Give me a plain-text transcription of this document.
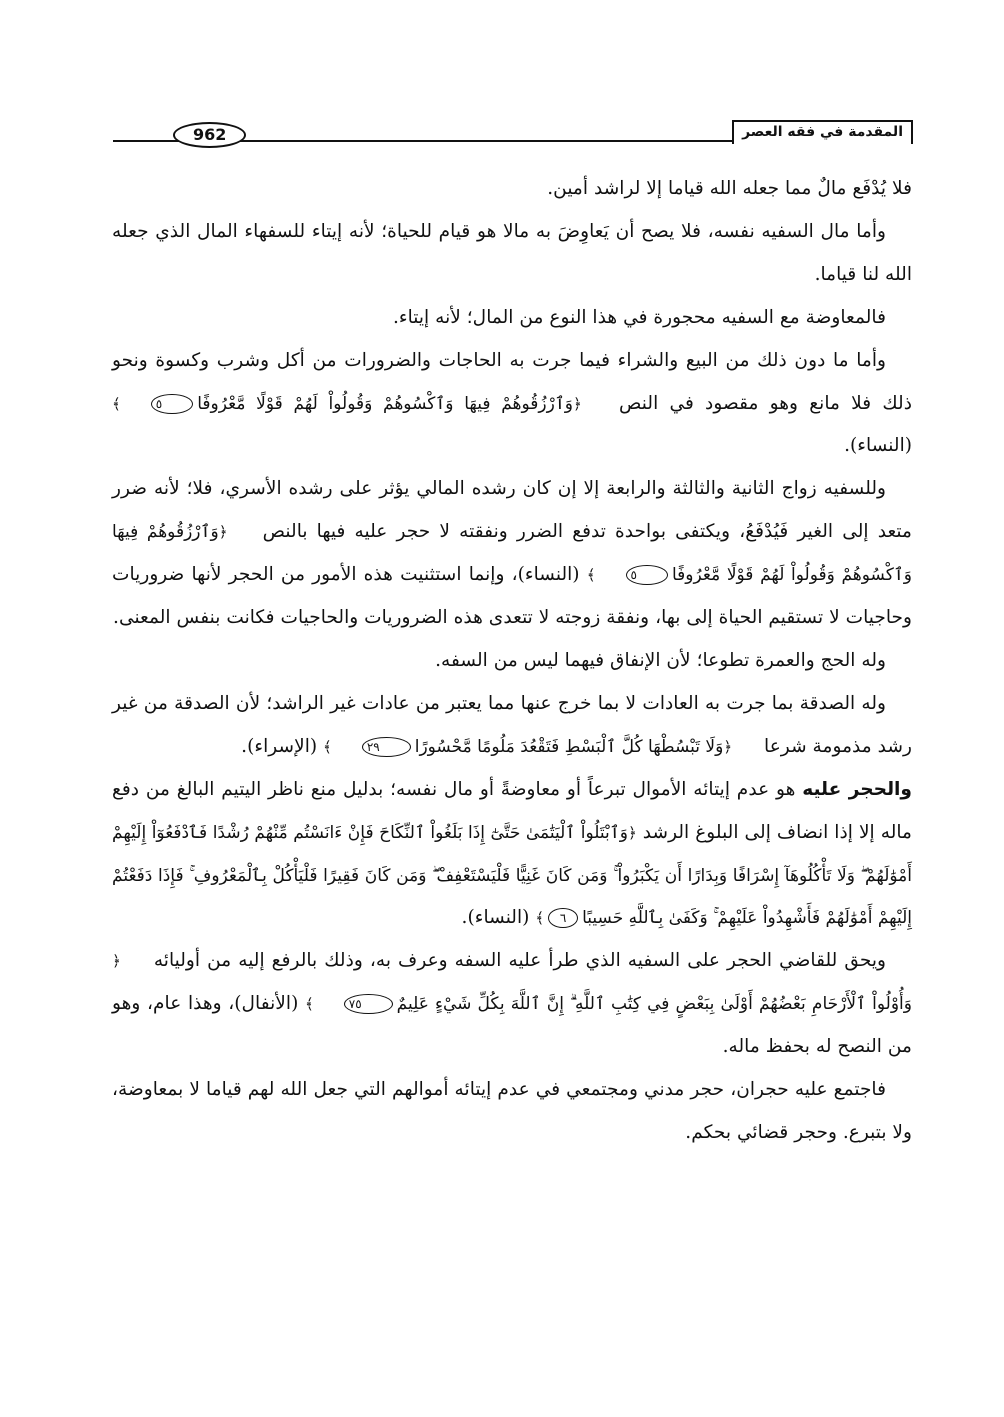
المقدمة في فقه العصر
962

فلا يُدْفَع مالٌ مما جعله الله قياما إلا لراشد أمين.

وأما مال السفيه نفسه، فلا يصح أن يَعاوِضَ به مالا هو قيام للحياة؛ لأنه إيتاء للسفهاء المال الذي جعله الله لنا قياما.

فالمعاوضة مع السفيه محجورة في هذا النوع من المال؛ لأنه إيتاء.

وأما ما دون ذلك من البيع والشراء فيما جرت به الحاجات والضرورات من أكل وشرب وكسوة ونحو ذلك فلا مانع وهو مقصود في النص ﴿وَٱرْزُقُوهُمْ فِيهَا وَٱكْسُوهُمْ وَقُولُواْ لَهُمْ قَوْلًا مَّعْرُوفًا٥﴾ (النساء).

وللسفيه زواج الثانية والثالثة والرابعة إلا إن كان رشده المالي يؤثر على رشده الأسري، فلا؛ لأنه ضرر متعد إلى الغير فَيُدْفَعُ، ويكتفى بواحدة تدفع الضرر ونفقته لا حجر عليه فيها بالنص ﴿وَٱرْزُقُوهُمْ فِيهَا وَٱكْسُوهُمْ وَقُولُواْ لَهُمْ قَوْلًا مَّعْرُوفًا٥﴾ (النساء)، وإنما استثنيت هذه الأمور من الحجر لأنها ضروريات وحاجيات لا تستقيم الحياة إلى بها، ونفقة زوجته لا تتعدى هذه الضروريات والحاجيات فكانت بنفس المعنى.

وله الحج والعمرة تطوعا؛ لأن الإنفاق فيهما ليس من السفه.

وله الصدقة بما جرت به العادات لا بما خرج عنها مما يعتبر من عادات غير الراشد؛ لأن الصدقة من غير رشد مذمومة شرعا ﴿وَلَا تَبْسُطْهَا كُلَّ ٱلْبَسْطِ فَتَقْعُدَ مَلُومًا مَّحْسُورًا٢٩﴾ (الإسراء).

والحجر عليه هو عدم إيتائه الأموال تبرعاً أو معاوضةً أو مال نفسه؛ بدليل منع ناظر اليتيم البالغ من دفع ماله إلا إذا انضاف إلى البلوغ الرشد ﴿وَٱبْتَلُواْ ٱلْيَتَٰمَىٰ حَتَّىٰٓ إِذَا بَلَغُواْ ٱلنِّكَاحَ فَإِنْ ءَانَسْتُم مِّنْهُمْ رُشْدًا فَٱدْفَعُوٓاْ إِلَيْهِمْ أَمْوَٰلَهُمْ ۖ وَلَا تَأْكُلُوهَآ إِسْرَافًا وَبِدَارًا أَن يَكْبَرُواْ ۚ وَمَن كَانَ غَنِيًّا فَلْيَسْتَعْفِفْ ۖ وَمَن كَانَ فَقِيرًا فَلْيَأْكُلْ بِٱلْمَعْرُوفِ ۚ فَإِذَا دَفَعْتُمْ إِلَيْهِمْ أَمْوَٰلَهُمْ فَأَشْهِدُواْ عَلَيْهِمْ ۚ وَكَفَىٰ بِٱللَّهِ حَسِيبًا٦﴾ (النساء).

ويحق للقاضي الحجر على السفيه الذي طرأ عليه السفه وعرف به، وذلك بالرفع إليه من أوليائه ﴿وَأُوْلُواْ ٱلْأَرْحَامِ بَعْضُهُمْ أَوْلَىٰ بِبَعْضٍ فِي كِتَٰبِ ٱللَّهِ ۗ إِنَّ ٱللَّهَ بِكُلِّ شَيْءٍ عَلِيمٌ٧٥﴾ (الأنفال)، وهذا عام، وهو من النصح له بحفظ ماله.

فاجتمع عليه حجران، حجر مدني ومجتمعي في عدم إيتائه أموالهم التي جعل الله لهم قياما لا بمعاوضة، ولا بتبرع. وحجر قضائي بحكم.
